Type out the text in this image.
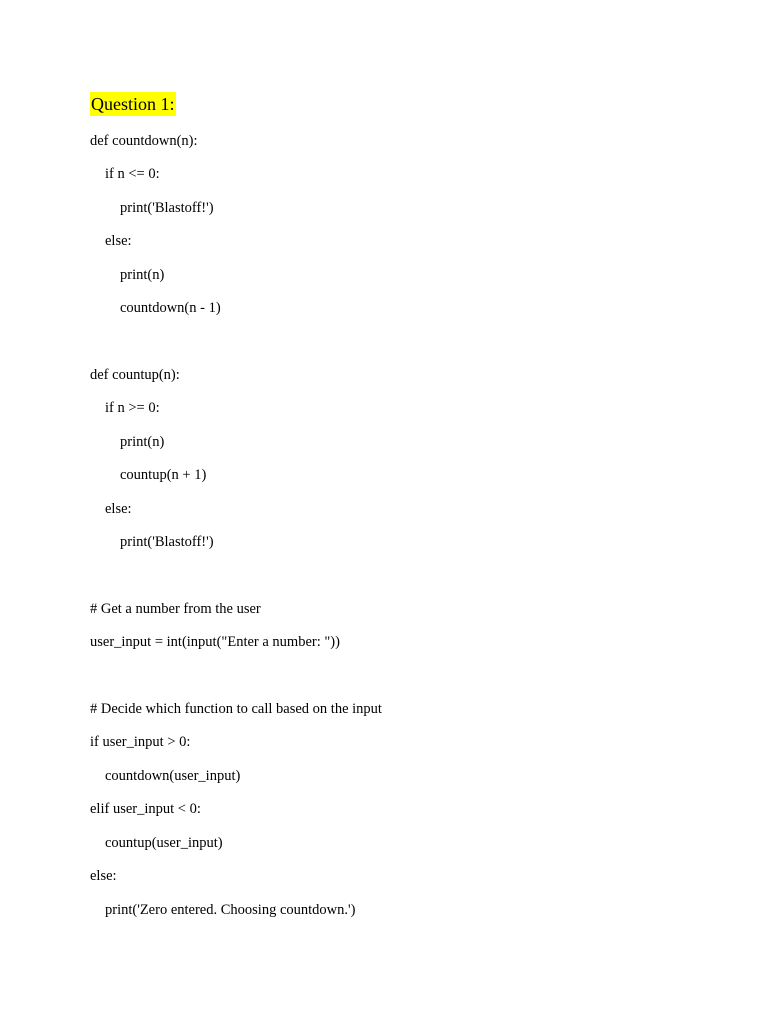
Question 1:
def countdown(n):
if n <= 0:
print('Blastoff!')
else:
print(n)
countdown(n - 1)
def countup(n):
if n >= 0:
print(n)
countup(n + 1)
else:
print('Blastoff!')
# Get a number from the user
user_input = int(input("Enter a number: "))
# Decide which function to call based on the input
if user_input > 0:
countdown(user_input)
elif user_input < 0:
countup(user_input)
else:
print('Zero entered. Choosing countdown.')
